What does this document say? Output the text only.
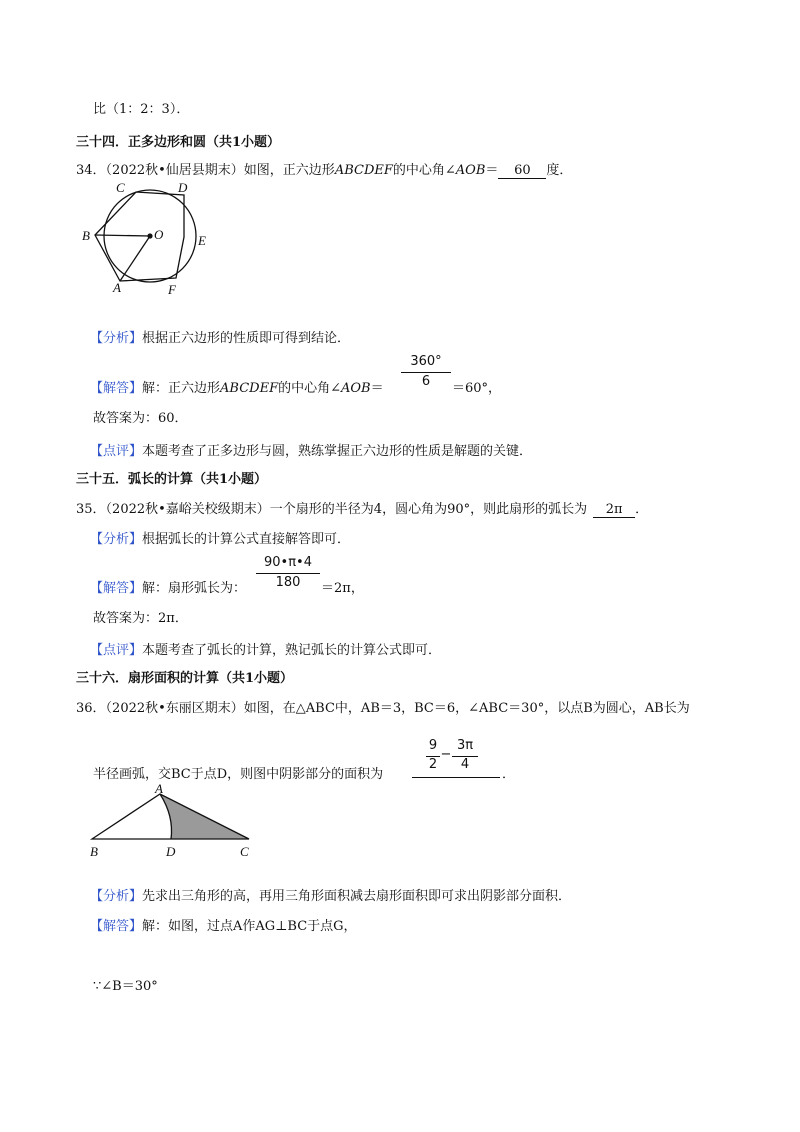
比（1：2：3）．
三十四．正多边形和圆（共1小题）
34．（2022秋•仙居县期末）如图，正六边形ABCDEF的中心角∠AOB＝ 60 度．
C	D
B	O	E
A	F
【分析】根据正六边形的性质即可得到结论．
【解答】解：正六边形ABCDEF的中心角∠AOB＝
360°
6	＝60°，
故答案为：60．
【点评】本题考查了正多边形与圆，熟练掌握正六边形的性质是解题的关键．
三十五．弧长的计算（共1小题）
35．（2022秋•嘉峪关校级期末）一个扇形的半径为4，圆心角为90°，则此扇形的弧长为 2π ．
【分析】根据弧长的计算公式直接解答即可．
【解答】解：扇形弧长为：
90•π•4
180	＝2π，
故答案为：2π．
【点评】本题考查了弧长的计算，熟记弧长的计算公式即可．
三十六．扇形面积的计算（共1小题）
36．（2022秋•东丽区期末）如图，在△ABC中，AB＝3，BC＝6，∠ABC＝30°，以点B为圆心，AB长为
半径画弧，交BC于点D，则图中阴影部分的面积为
9
2
−
3π
4
．
A
B	D	C
【分析】先求出三角形的高，再用三角形面积减去扇形面积即可求出阴影部分面积．
【解答】解：如图，过点A作AG⊥BC于点G，
∵∠B＝30°
